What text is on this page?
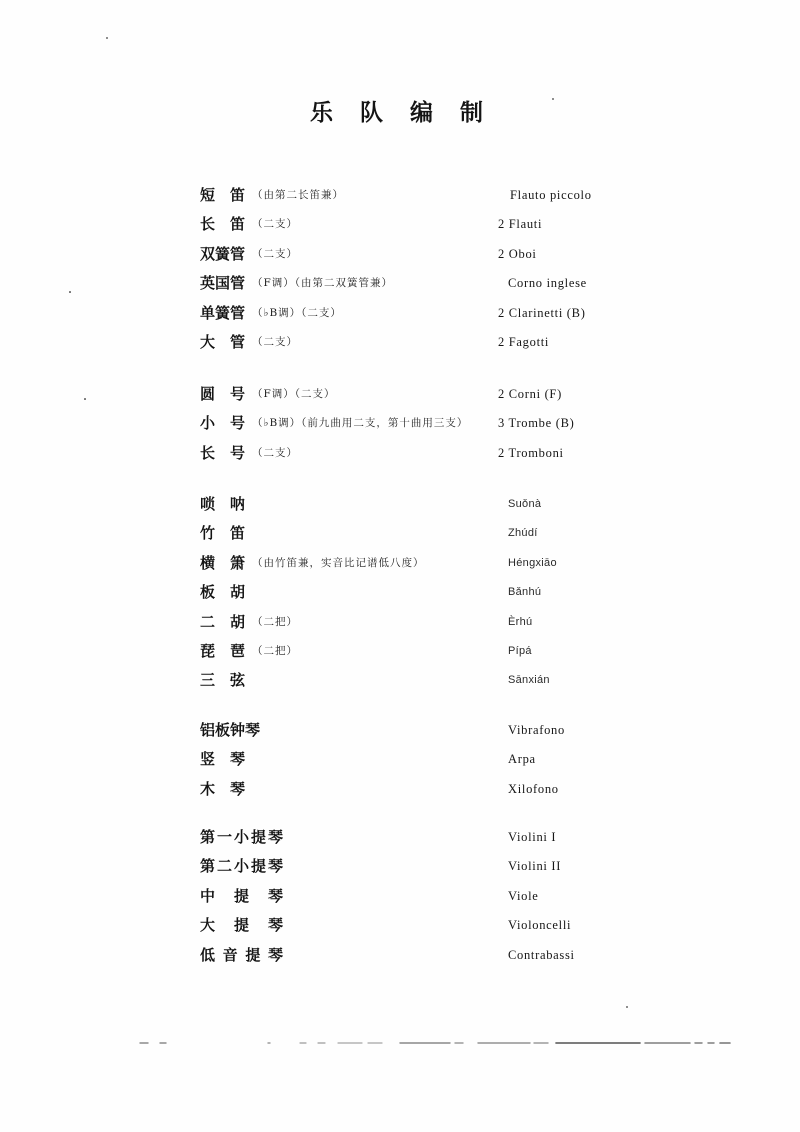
乐队编制
短笛 （由第二长笛兼）	Flauto piccolo
长笛 （二支）	2 Flauti
双簧管 （二支）	2 Oboi
英国管 （F调）（由第二双簧管兼）	Corno inglese
单簧管 （♭B调）（二支）	2 Clarinetti (B)
大管 （二支）	2 Fagotti
圆号 （F调）（二支）	2 Corni (F)
小号 （♭B调）（前九曲用二支，第十曲用三支） 3 Trombe (B)
长号 （二支）	2 Tromboni
唢呐	Suǒnà
竹笛	Zhúdí
横箫 （由竹笛兼，实音比记谱低八度）	Héngxiāo
板胡	Bǎnhú
二胡 （二把）	Èrhú
琵琶 （二把）	Pípá
三弦	Sānxián
铝板钟琴	Vibrafono
竖琴	Arpa
木琴	Xilofono
第一小提琴	Violini I
第二小提琴	Violini II
中提琴	Viole
大提琴	Violoncelli
低音提琴	Contrabassi
